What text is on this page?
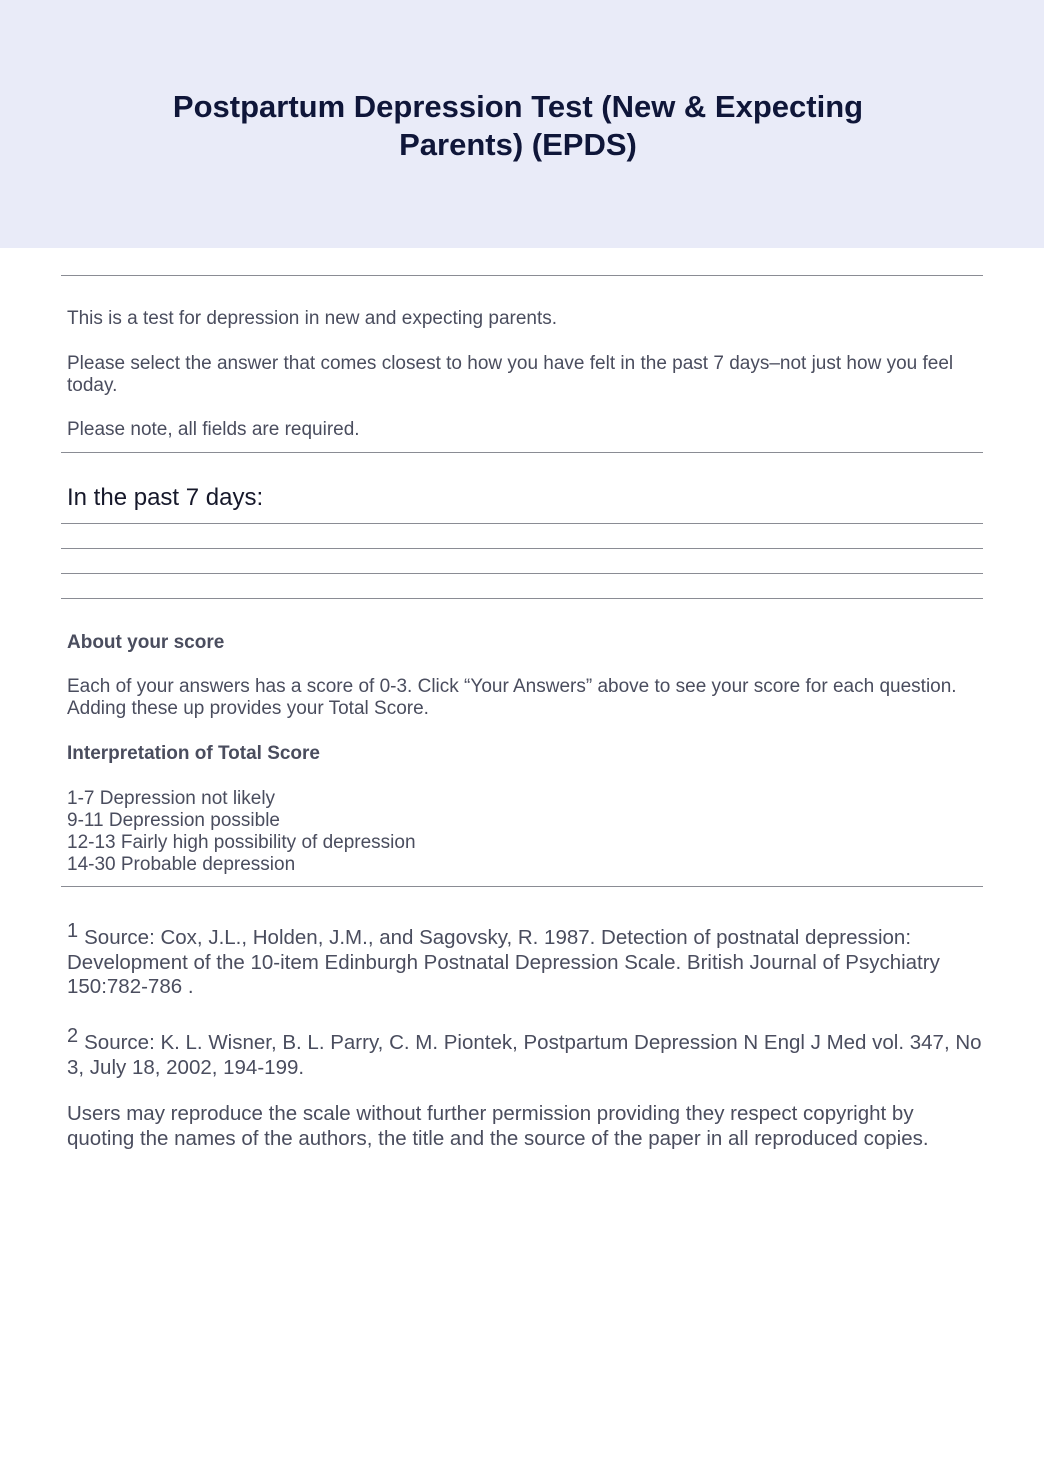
Postpartum Depression Test (New & Expecting Parents) (EPDS)

This is a test for depression in new and expecting parents.

Please select the answer that comes closest to how you have felt in the past 7 days–not just how you feel today.

Please note, all fields are required.

In the past 7 days:

About your score

Each of your answers has a score of 0-3. Click “Your Answers” above to see your score for each question. Adding these up provides your Total Score.

Interpretation of Total Score

1-7 Depression not likely
9-11 Depression possible
12-13 Fairly high possibility of depression
14-30 Probable depression

$^1$ Source: Cox, J.L., Holden, J.M., and Sagovsky, R. 1987. Detection of postnatal depression: Development of the 10-item Edinburgh Postnatal Depression Scale. British Journal of Psychiatry 150:782-786 .

$^2$ Source: K. L. Wisner, B. L. Parry, C. M. Piontek, Postpartum Depression N Engl J Med vol. 347, No 3, July 18, 2002, 194-199.

Users may reproduce the scale without further permission providing they respect copyright by quoting the names of the authors, the title and the source of the paper in all reproduced copies.
